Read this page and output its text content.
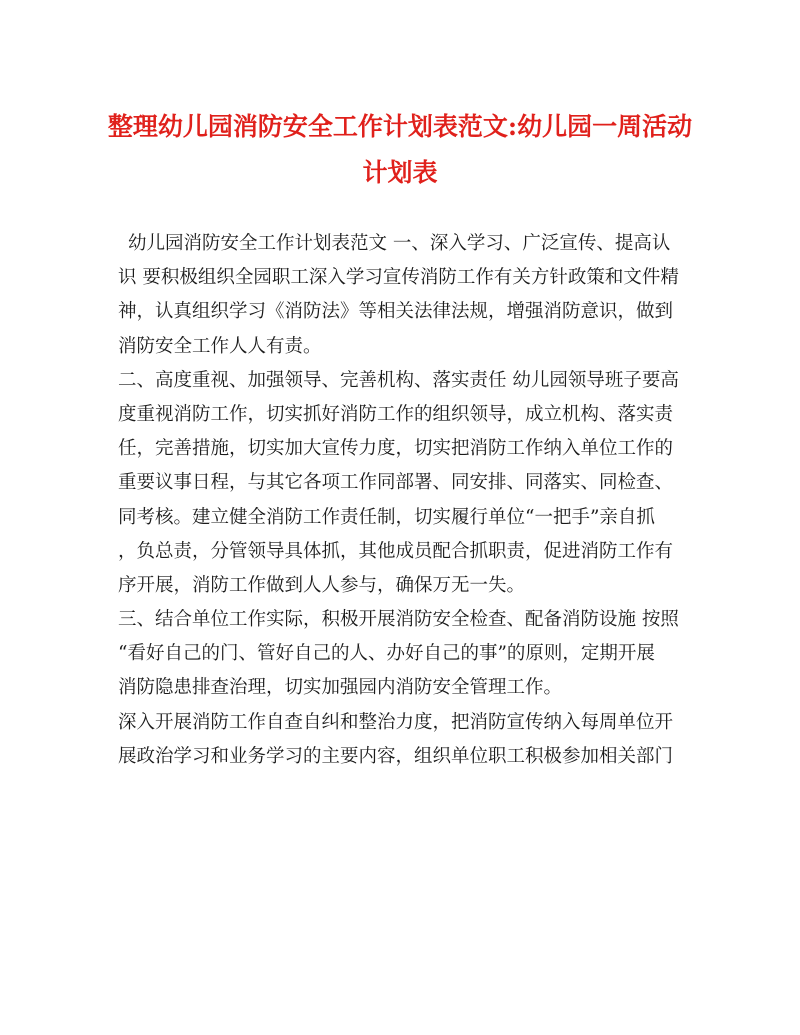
整理幼儿园消防安全工作计划表范文:幼儿园一周活动
计划表
幼儿园消防安全工作计划表范文 一、深入学习、广泛宣传、提高认
识 要积极组织全园职工深入学习宣传消防工作有关方针政策和文件精
神，认真组织学习《消防法》等相关法律法规，增强消防意识，做到
消防安全工作人人有责。
二、高度重视、加强领导、完善机构、落实责任 幼儿园领导班子要高
度重视消防工作，切实抓好消防工作的组织领导，成立机构、落实责
任，完善措施，切实加大宣传力度，切实把消防工作纳入单位工作的
重要议事日程，与其它各项工作同部署、同安排、同落实、同检查、
同考核。建立健全消防工作责任制，切实履行单位“一把手”亲自抓
，负总责，分管领导具体抓，其他成员配合抓职责，促进消防工作有
序开展，消防工作做到人人参与，确保万无一失。
三、结合单位工作实际，积极开展消防安全检查、配备消防设施 按照
“看好自己的门、管好自己的人、办好自己的事”的原则，定期开展
消防隐患排查治理，切实加强园内消防安全管理工作。
深入开展消防工作自查自纠和整治力度，把消防宣传纳入每周单位开
展政治学习和业务学习的主要内容，组织单位职工积极参加相关部门
